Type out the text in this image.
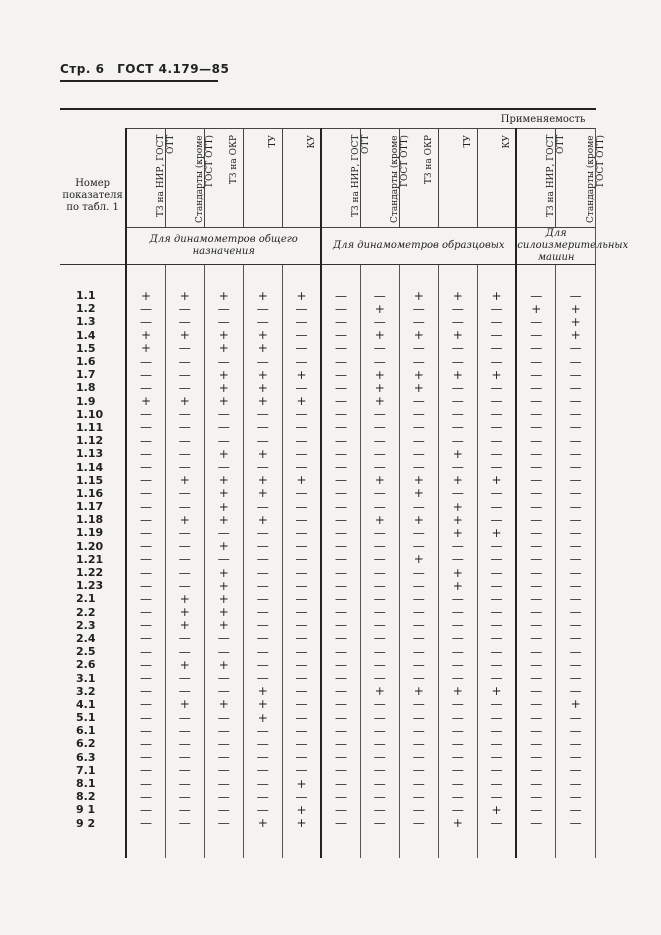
Стр. 6 ГОСТ 4.179—85
	Применяемость											
Номер показателя по табл. 1	ТЗ на НИР, ГОСТ ОТТ	Стандарты (кроме ГОСТ ОТТ)	ТЗ на ОКР	ТУ	КУ	ТЗ на НИР, ГОСТ ОТТ	Стандарты (кроме ГОСТ ОТТ)	ТЗ на ОКР	ТУ	КУ	ТЗ на НИР, ГОСТ ОТТ	Стандарты (кроме ГОСТ ОТТ)

	Для динамометров общего назначения					Для динамометров образцовых					Для силоизмерительных машин	

1.1	+	+	+	+	+	—	—	+	+	+	—	—
1.2	—	—	—	—	—	—	+	—	—	—	+	+
1.3	—	—	—	—	—	—	—	—	—	—	—	+
1.4	+	+	+	+	—	—	+	+	+	—	—	+
1.5	+	—	+	+	—	—	—	—	—	—	—	—
1.6	—	—	—	—	—	—	—	—	—	—	—	—
1.7	—	—	+	+	+	—	+	+	+	+	—	—
1.8	—	—	+	+	—	—	+	+	—	—	—	—
1.9	+	+	+	+	+	—	+	—	—	—	—	—
1.10	—	—	—	—	—	—	—	—	—	—	—	—
1.11	—	—	—	—	—	—	—	—	—	—	—	—
1.12	—	—	—	—	—	—	—	—	—	—	—	—
1.13	—	—	+	+	—	—	—	—	+	—	—	—
1.14	—	—	—	—	—	—	—	—	—	—	—	—
1.15	—	+	+	+	+	—	+	+	+	+	—	—
1.16	—	—	+	+	—	—	—	+	—	—	—	—
1.17	—	—	+	—	—	—	—	—	+	—	—	—
1.18	—	+	+	+	—	—	+	+	+	—	—	—
1.19	—	—	—	—	—	—	—	—	+	+	—	—
1.20	—	—	+	—	—	—	—	—	—	—	—	—
1.21	—	—	—	—	—	—	—	+	—	—	—	—
1.22	—	—	+	—	—	—	—	—	+	—	—	—
1.23	—	—	+	—	—	—	—	—	+	—	—	—
2.1	—	+	+	—	—	—	—	—	—	—	—	—
2.2	—	+	+	—	—	—	—	—	—	—	—	—
2.3	—	+	+	—	—	—	—	—	—	—	—	—
2.4	—	—	—	—	—	—	—	—	—	—	—	—
2.5	—	—	—	—	—	—	—	—	—	—	—	—
2.6	—	+	+	—	—	—	—	—	—	—	—	—
3.1	—	—	—	—	—	—	—	—	—	—	—	—
3.2	—	—	—	+	—	—	+	+	+	+	—	—
4.1	—	+	+	+	—	—	—	—	—	—	—	+
5.1	—	—	—	+	—	—	—	—	—	—	—	—
6.1	—	—	—	—	—	—	—	—	—	—	—	—
6.2	—	—	—	—	—	—	—	—	—	—	—	—
6.3	—	—	—	—	—	—	—	—	—	—	—	—
7.1	—	—	—	—	—	—	—	—	—	—	—	—
8.1	—	—	—	—	+	—	—	—	—	—	—	—
8.2	—	—	—	—	—	—	—	—	—	—	—	—
9 1	—	—	—	—	+	—	—	—	—	+	—	—
9 2	—	—	—	+	+	—	—	—	+	—	—	—
